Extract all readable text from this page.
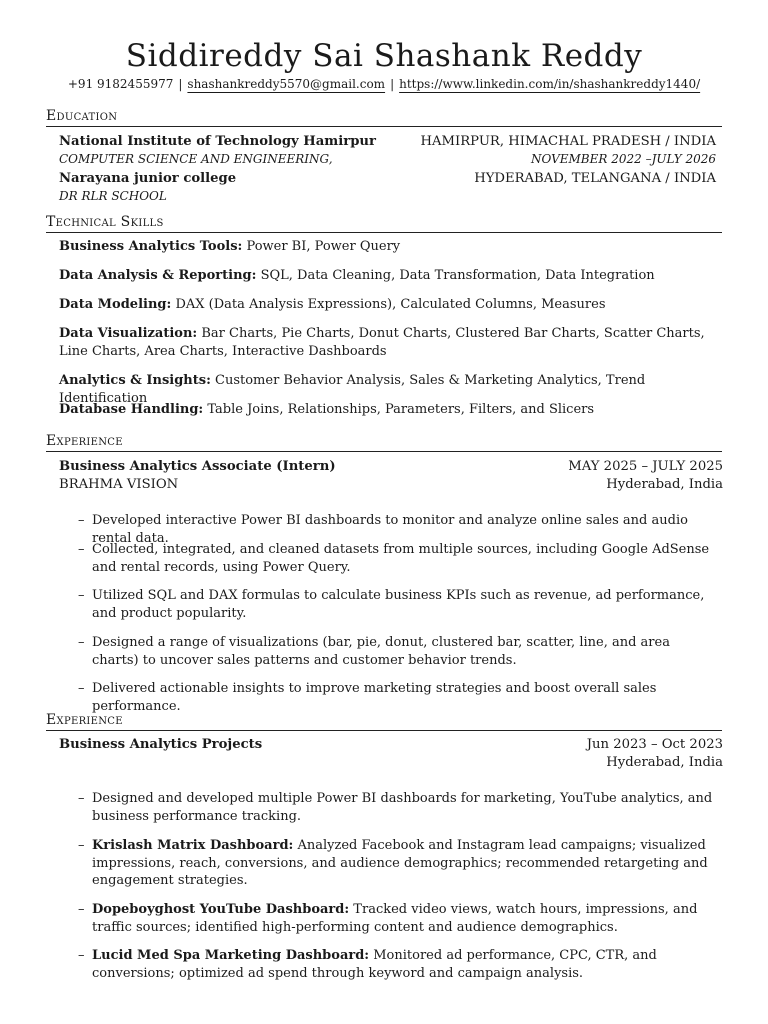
Siddireddy Sai Shashank Reddy
+91 9182455977 | shashankreddy5570@gmail.com | https://www.linkedin.com/in/shashankreddy1440/
Education
National Institute of Technology Hamirpur	HAMIRPUR, HIMACHAL PRADESH / INDIA
COMPUTER SCIENCE AND ENGINEERING,	NOVEMBER 2022 –JULY 2026
Narayana junior college	HYDERABAD, TELANGANA / INDIA
DR RLR SCHOOL
Technical Skills
Business Analytics Tools: Power BI, Power Query
Data Analysis & Reporting: SQL, Data Cleaning, Data Transformation, Data Integration
Data Modeling: DAX (Data Analysis Expressions), Calculated Columns, Measures
Data Visualization: Bar Charts, Pie Charts, Donut Charts, Clustered Bar Charts, Scatter Charts, Line Charts, Area Charts, Interactive Dashboards
Analytics & Insights: Customer Behavior Analysis, Sales & Marketing Analytics, Trend Identification
Database Handling: Table Joins, Relationships, Parameters, Filters, and Slicers
Experience
Business Analytics Associate (Intern)	MAY 2025 – JULY 2025
BRAHMA VISION	Hyderabad, India
– Developed interactive Power BI dashboards to monitor and analyze online sales and audio rental data.
– Collected, integrated, and cleaned datasets from multiple sources, including Google AdSense and rental records, using Power Query.
– Utilized SQL and DAX formulas to calculate business KPIs such as revenue, ad performance, and product popularity.
– Designed a range of visualizations (bar, pie, donut, clustered bar, scatter, line, and area charts) to uncover sales patterns and customer behavior trends.
– Delivered actionable insights to improve marketing strategies and boost overall sales performance.
Experience
Business Analytics Projects	Jun 2023 – Oct 2023
Hyderabad, India
– Designed and developed multiple Power BI dashboards for marketing, YouTube analytics, and business performance tracking.
– Krislash Matrix Dashboard: Analyzed Facebook and Instagram lead campaigns; visualized impressions, reach, conversions, and audience demographics; recommended retargeting and engagement strategies.
– Dopeboyghost YouTube Dashboard: Tracked video views, watch hours, impressions, and traffic sources; identified high-performing content and audience demographics.
– Lucid Med Spa Marketing Dashboard: Monitored ad performance, CPC, CTR, and conversions; optimized ad spend through keyword and campaign analysis.
